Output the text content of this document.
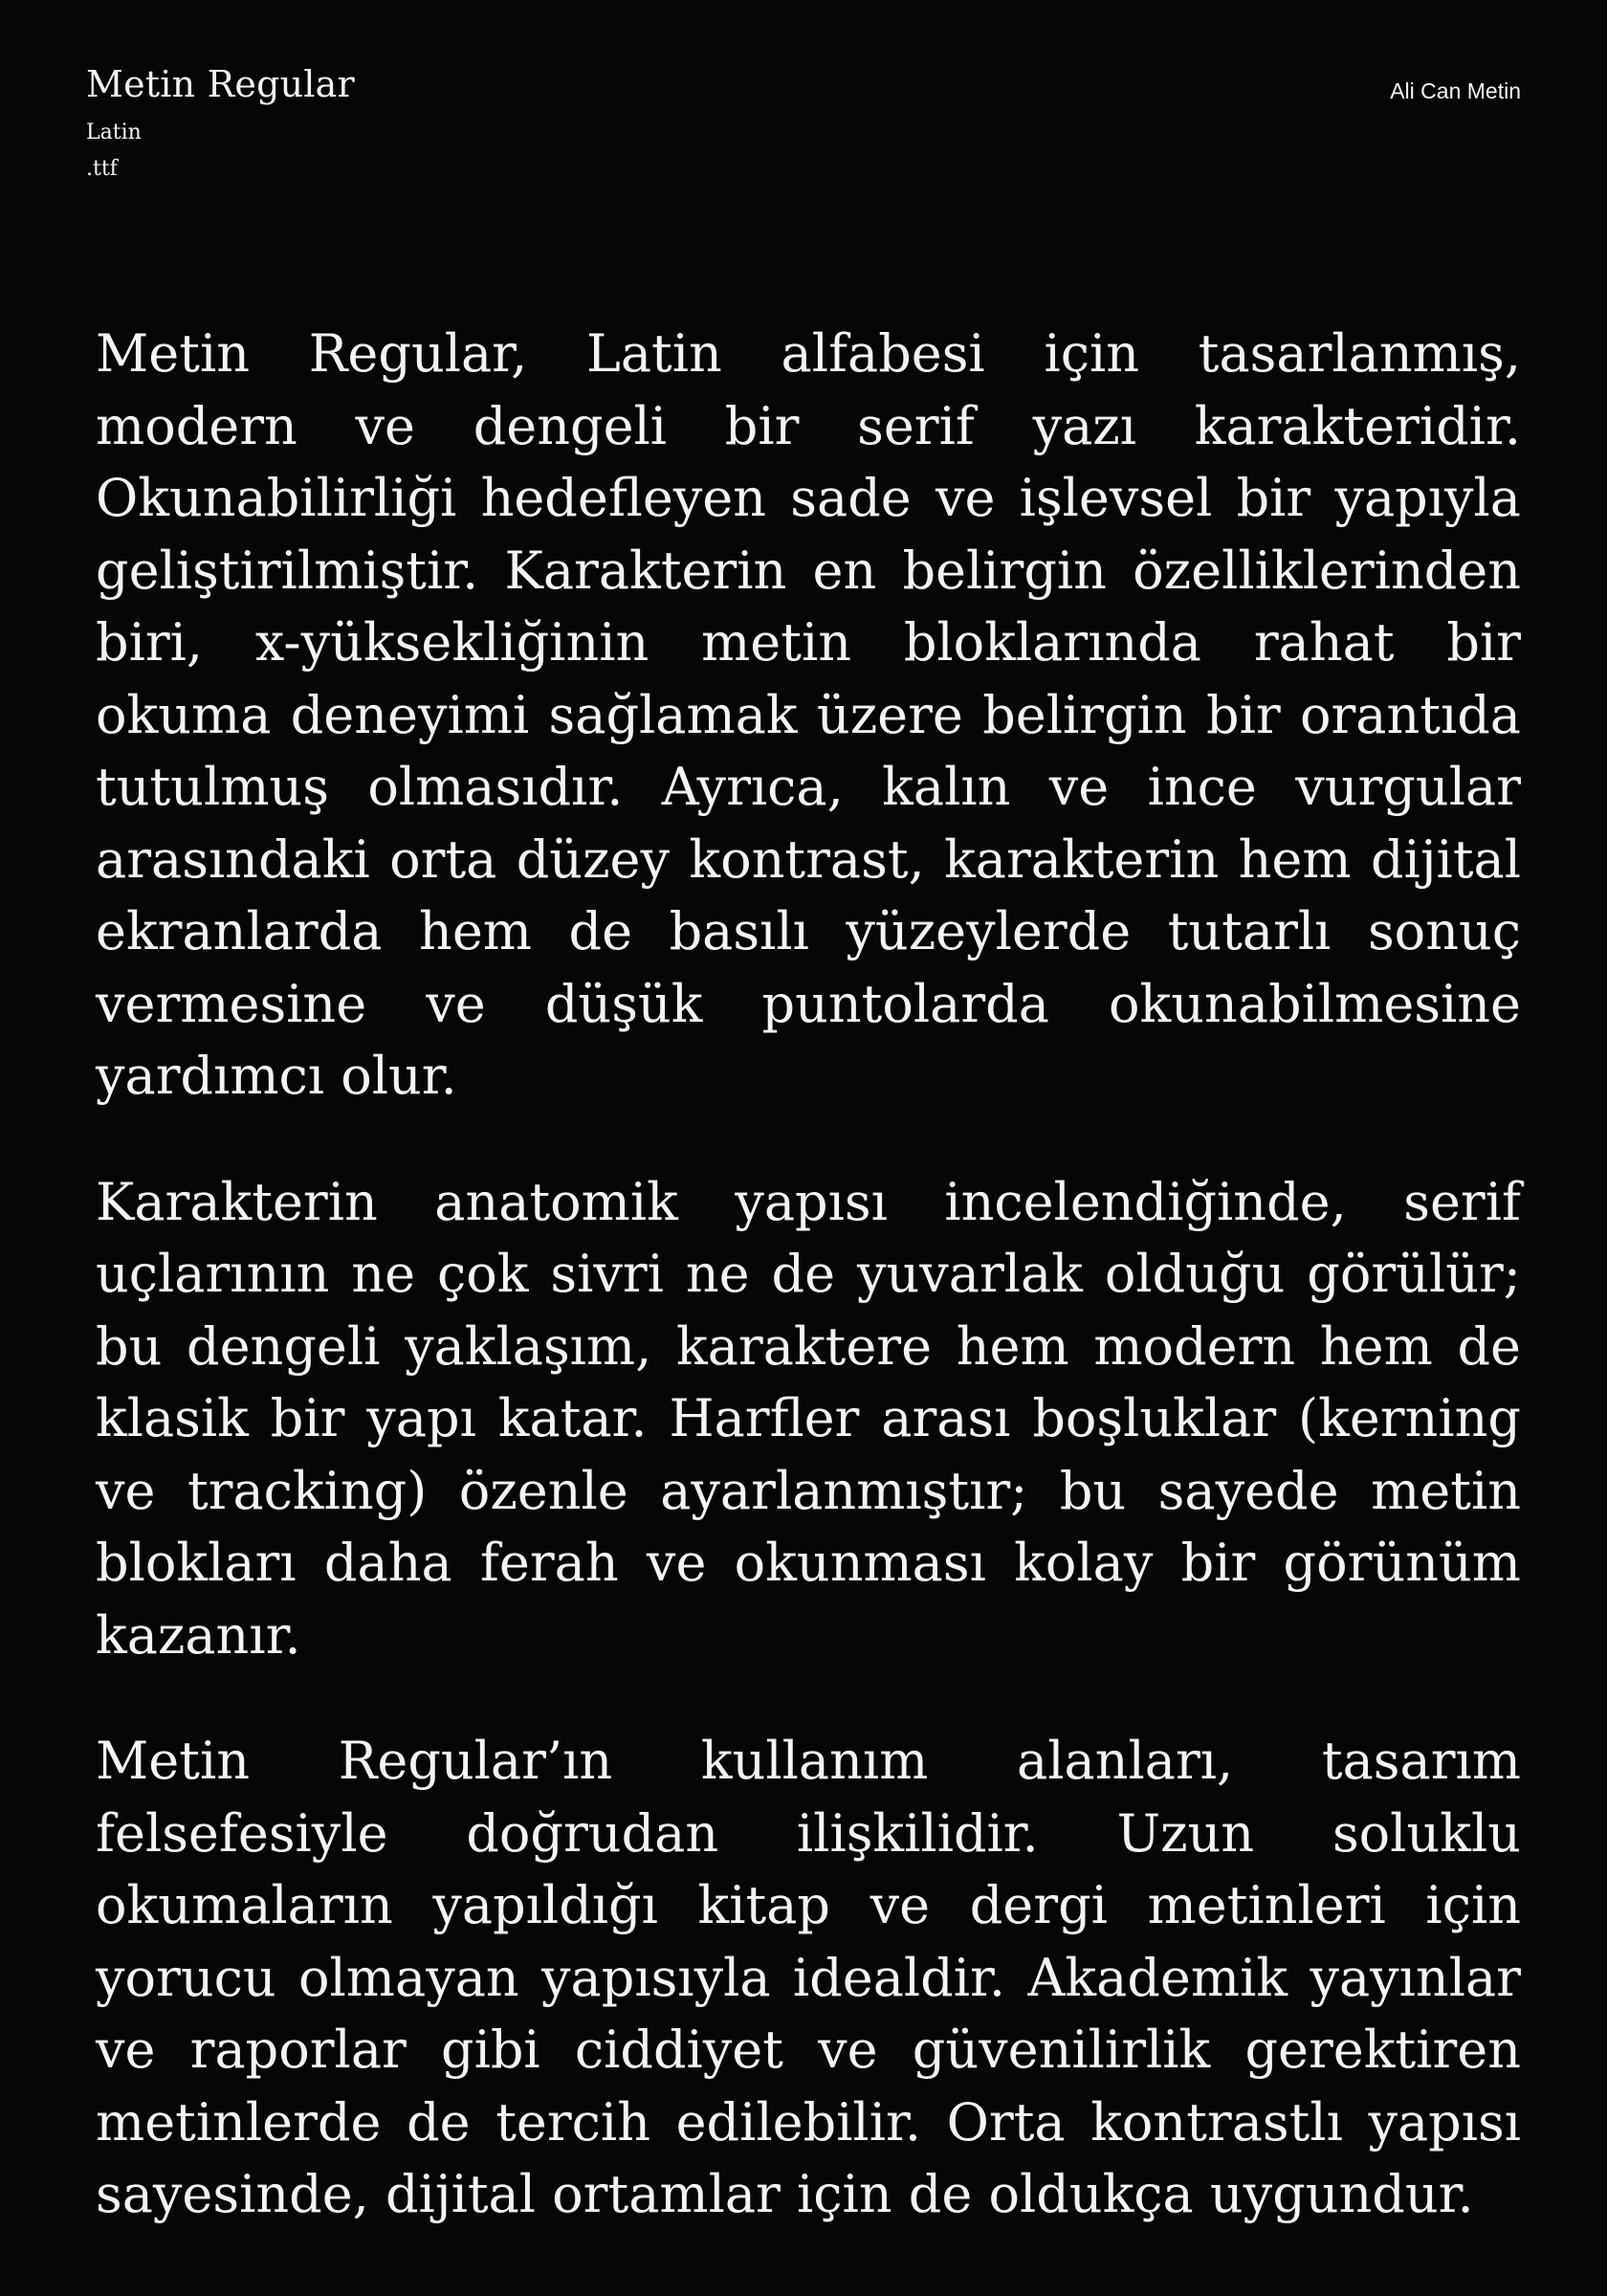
Metin Regular
Latin
.ttf
Ali Can Metin

Metin Regular, Latin alfabesi için tasarlanmış, modern ve dengeli bir serif yazı karakteridir. Okunabilirliği hedefleyen sade ve işlevsel bir yapıyla geliştirilmiştir. Karakterin en belirgin özelliklerinden biri, x-yüksekliğinin metin bloklarında rahat bir okuma deneyimi sağlamak üzere belirgin bir orantıda tutulmuş olmasıdır. Ayrıca, kalın ve ince vurgular arasındaki orta düzey kontrast, karakterin hem dijital ekranlarda hem de basılı yüzeylerde tutarlı sonuç vermesine ve düşük puntolarda okunabilmesine yardımcı olur.

Karakterin anatomik yapısı incelendiğinde, serif uçlarının ne çok sivri ne de yuvarlak olduğu görülür; bu dengeli yaklaşım, karaktere hem modern hem de klasik bir yapı katar. Harfler arası boşluklar (kerning ve tracking) özenle ayarlanmıştır; bu sayede metin blokları daha ferah ve okunması kolay bir görünüm kazanır.

Metin Regular’ın kullanım alanları, tasarım felsefesiyle doğrudan ilişkilidir. Uzun soluklu okumaların yapıldığı kitap ve dergi metinleri için yorucu olmayan yapısıyla idealdir. Akademik yayınlar ve raporlar gibi ciddiyet ve güvenilirlik gerektiren metinlerde de tercih edilebilir. Orta kontrastlı yapısı sayesinde, dijital ortamlar için de oldukça uygundur.
